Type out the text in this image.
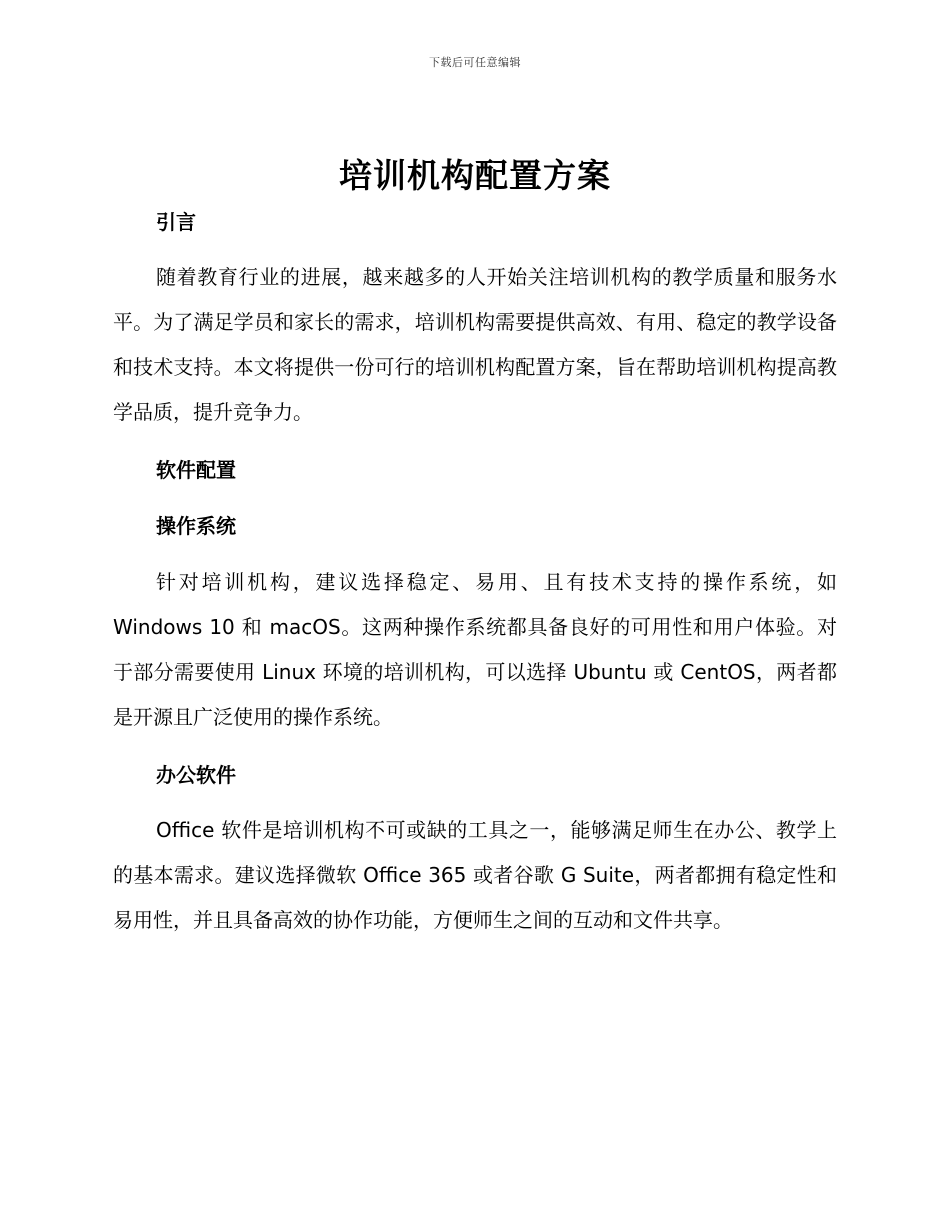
下载后可任意编辑
培训机构配置方案
引言

随着教育行业的进展，越来越多的人开始关注培训机构的教学质量和服务水平。为了满足学员和家长的需求，培训机构需要提供高效、有用、稳定的教学设备和技术支持。本文将提供一份可行的培训机构配置方案，旨在帮助培训机构提高教学品质，提升竞争力。

软件配置
操作系统

针对培训机构，建议选择稳定、易用、且有技术支持的操作系统，如 Windows 10 和 macOS。这两种操作系统都具备良好的可用性和用户体验。对于部分需要使用 Linux 环境的培训机构，可以选择 Ubuntu 或 CentOS，两者都是开源且广泛使用的操作系统。

办公软件

Office 软件是培训机构不可或缺的工具之一，能够满足师生在办公、教学上的基本需求。建议选择微软 Office 365 或者谷歌 G Suite，两者都拥有稳定性和易用性，并且具备高效的协作功能，方便师生之间的互动和文件共享。
